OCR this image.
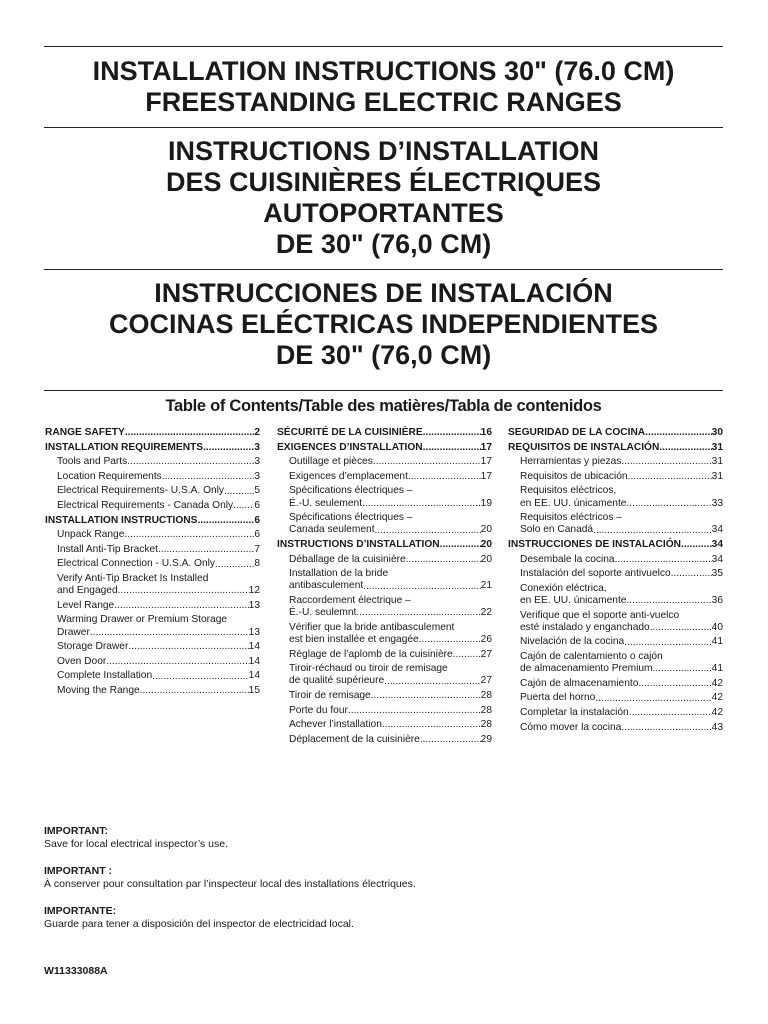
INSTALLATION INSTRUCTIONS 30" (76.0 CM)
FREESTANDING ELECTRIC RANGES
INSTRUCTIONS D’INSTALLATION
DES CUISINIÈRES ÉLECTRIQUES
AUTOPORTANTES
DE 30" (76,0 CM)
INSTRUCCIONES DE INSTALACIÓN
COCINAS ELÉCTRICAS INDEPENDIENTES
DE 30" (76,0 CM)
Table of Contents/Table des matières/Tabla de contenidos
RANGE SAFETY .....	2
INSTALLATION REQUIREMENTS .....	3
Tools and Parts .....	3
Location Requirements .....	3
Electrical Requirements- U.S.A. Only .....	5
Electrical Requirements - Canada Only ..... 6
INSTALLATION INSTRUCTIONS .....	6
Unpack Range .....	6
Install Anti-Tip Bracket .....	7
Electrical Connection - U.S.A. Only .....	8
Verify Anti-Tip Bracket Is Installed
and Engaged .....	12
Level Range .....	13
Warming Drawer or Premium Storage
Drawer .....	13
Storage Drawer .....	14
Oven Door .....	14
Complete Installation .....	14
Moving the Range .....	15
SÉCURITÉ DE LA CUISINIÈRE .....	16
EXIGENCES D’INSTALLATION .....	17
Outillage et pièces .....	17
Exigences d’emplacement .....	17
Spécifications électriques –
É.-U. seulement .....	19
Spécifications électriques –
Canada seulement .....	20
INSTRUCTIONS D’INSTALLATION .....	20
Déballage de la cuisinière .....	20
Installation de la bride
antibasculement .....	21
Raccordement électrique –
É.-U. seulemnt .....	22
Vérifier que la bride antibasculement
est bien installée et engagée .....	26
Réglage de l’aplomb de la cuisinière .....	27
Tiroir-réchaud ou tiroir de remisage
de qualité supérieure .....	27
Tiroir de remisage .....	28
Porte du four .....	28
Achever l’installation .....	28
Déplacement de la cuisinière .....	29
SEGURIDAD DE LA COCINA .....	30
REQUISITOS DE INSTALACIÓN .....	31
Herramientas y piezas .....	31
Requisitos de ubicación .....	31
Requisitos eléctricos,
en EE. UU. únicamente .....	33
Requisitos eléctricos –
Solo en Canadá .....	34
INSTRUCCIONES DE INSTALACIÓN .....	34
Desembale la cocina .....	34
Instalación del soporte antivuelco .....	35
Conexión eléctrica,
en EE. UU. únicamente .....	36
Verifique que el soporte anti-vuelco
esté instalado y enganchado .....	40
Nivelación de la cocina .....	41
Cajón de calentamiento o cajón
de almacenamiento Premium .....	41
Cajón de almacenamiento .....	42
Puerta del horno .....	42
Completar la instalación .....	42
Cómo mover la cocina .....	43
IMPORTANT:
Save for local electrical inspector’s use.
IMPORTANT :
À conserver pour consultation par l’inspecteur local des installations électriques.
IMPORTANTE:
Guarde para tener a disposición del inspector de electricidad local.
W11333088A
